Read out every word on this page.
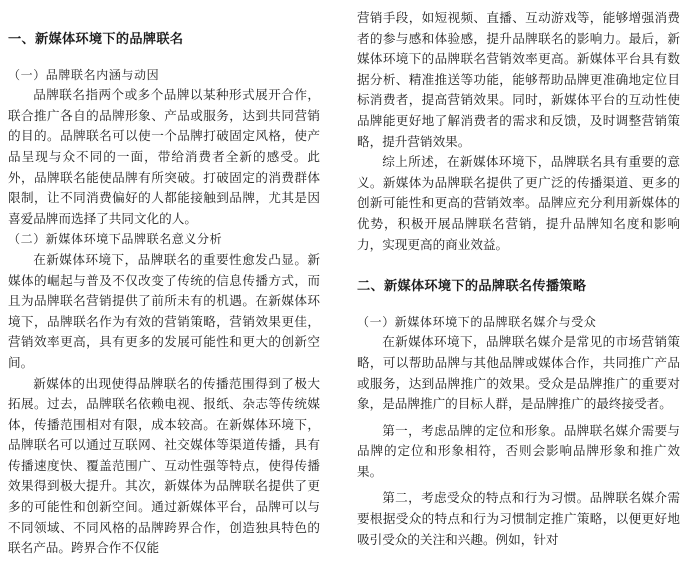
一、新媒体环境下的品牌联名
（一）品牌联名内涵与动因

品牌联名指两个或多个品牌以某种形式展开合作，联合推广各自的品牌形象、产品或服务，达到共同营销的目的。品牌联名可以使一个品牌打破固定风格，使产品呈现与众不同的一面，带给消费者全新的感受。此外，品牌联名能使品牌有所突破。打破固定的消费群体限制，让不同消费偏好的人都能接触到品牌，尤其是因喜爱品牌而选择了共同文化的人。

（二）新媒体环境下品牌联名意义分析

在新媒体环境下，品牌联名的重要性愈发凸显。新媒体的崛起与普及不仅改变了传统的信息传播方式，而且为品牌联名营销提供了前所未有的机遇。在新媒体环境下，品牌联名作为有效的营销策略，营销效果更佳，营销效率更高，具有更多的发展可能性和更大的创新空间。

新媒体的出现使得品牌联名的传播范围得到了极大拓展。过去，品牌联名依赖电视、报纸、杂志等传统媒体，传播范围相对有限，成本较高。在新媒体环境下，品牌联名可以通过互联网、社交媒体等渠道传播，具有传播速度快、覆盖范围广、互动性强等特点，使得传播效果得到极大提升。其次，新媒体为品牌联名提供了更多的可能性和创新空间。通过新媒体平台，品牌可以与不同领域、不同风格的品牌跨界合作，创造独具特色的联名产品。跨界合作不仅能

营销手段，如短视频、直播、互动游戏等，能够增强消费者的参与感和体验感，提升品牌联名的影响力。最后，新媒体环境下的品牌联名营销效率更高。新媒体平台具有数据分析、精准推送等功能，能够帮助品牌更准确地定位目标消费者，提高营销效果。同时，新媒体平台的互动性使品牌能更好地了解消费者的需求和反馈，及时调整营销策略，提升营销效果。

综上所述，在新媒体环境下，品牌联名具有重要的意义。新媒体为品牌联名提供了更广泛的传播渠道、更多的创新可能性和更高的营销效率。品牌应充分利用新媒体的优势，积极开展品牌联名营销，提升品牌知名度和影响力，实现更高的商业效益。

二、新媒体环境下的品牌联名传播策略
（一）新媒体环境下的品牌联名媒介与受众

在新媒体环境下，品牌联名媒介是常见的市场营销策略，可以帮助品牌与其他品牌或媒体合作，共同推广产品或服务，达到品牌推广的效果。受众是品牌推广的重要对象，是品牌推广的目标人群，是品牌推广的最终接受者。

第一，考虑品牌的定位和形象。品牌联名媒介需要与品牌的定位和形象相符，否则会影响品牌形象和推广效果。

第二，考虑受众的特点和行为习惯。品牌联名媒介需要根据受众的特点和行为习惯制定推广策略，以便更好地吸引受众的关注和兴趣。例如，针对
